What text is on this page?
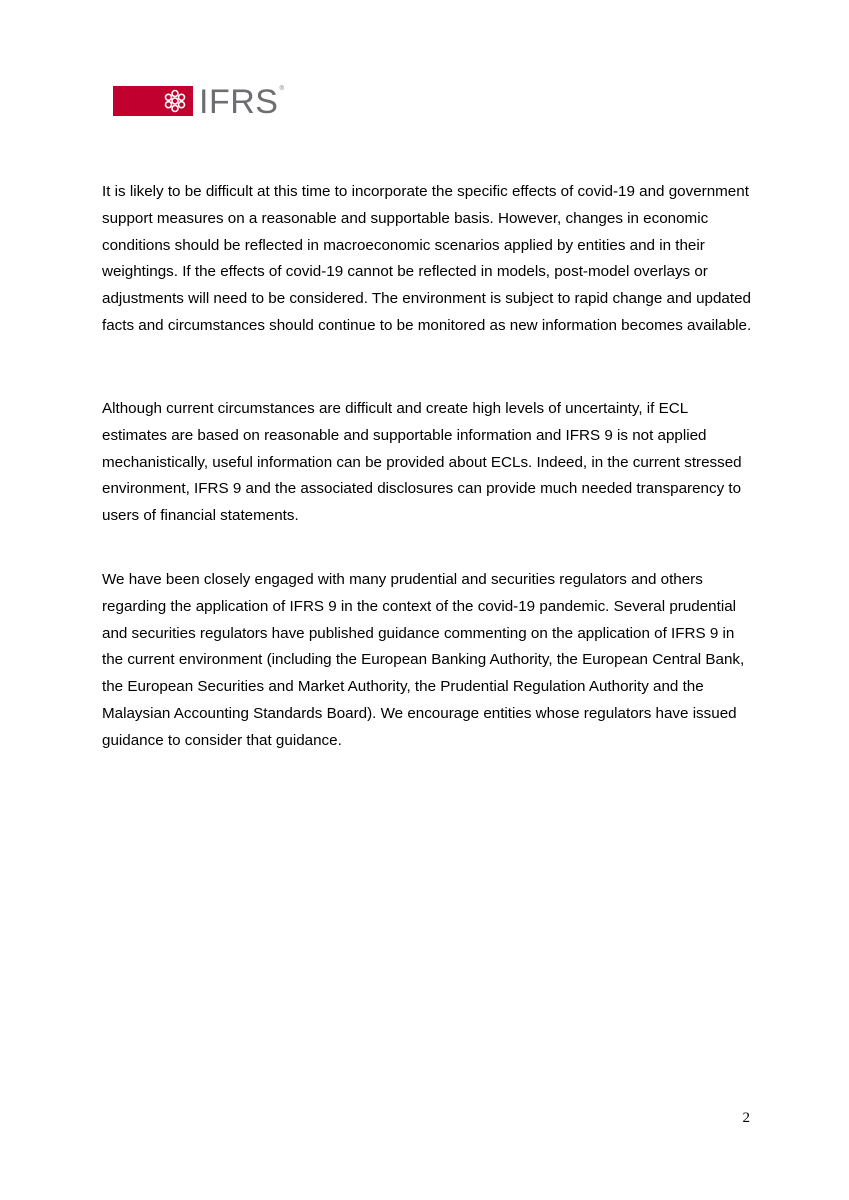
IFRS ®

It is likely to be difficult at this time to incorporate the specific effects of covid-19 and government support measures on a reasonable and supportable basis. However, changes in economic conditions should be reflected in macroeconomic scenarios applied by entities and in their weightings. If the effects of covid-19 cannot be reflected in models, post-model overlays or adjustments will need to be considered. The environment is subject to rapid change and updated facts and circumstances should continue to be monitored as new information becomes available.

Although current circumstances are difficult and create high levels of uncertainty, if ECL estimates are based on reasonable and supportable information and IFRS 9 is not applied mechanistically, useful information can be provided about ECLs. Indeed, in the current stressed environment, IFRS 9 and the associated disclosures can provide much needed transparency to users of financial statements.

We have been closely engaged with many prudential and securities regulators and others regarding the application of IFRS 9 in the context of the covid-19 pandemic. Several prudential and securities regulators have published guidance commenting on the application of IFRS 9 in the current environment (including the European Banking Authority, the European Central Bank, the European Securities and Market Authority, the Prudential Regulation Authority and the Malaysian Accounting Standards Board). We encourage entities whose regulators have issued guidance to consider that guidance.

2
